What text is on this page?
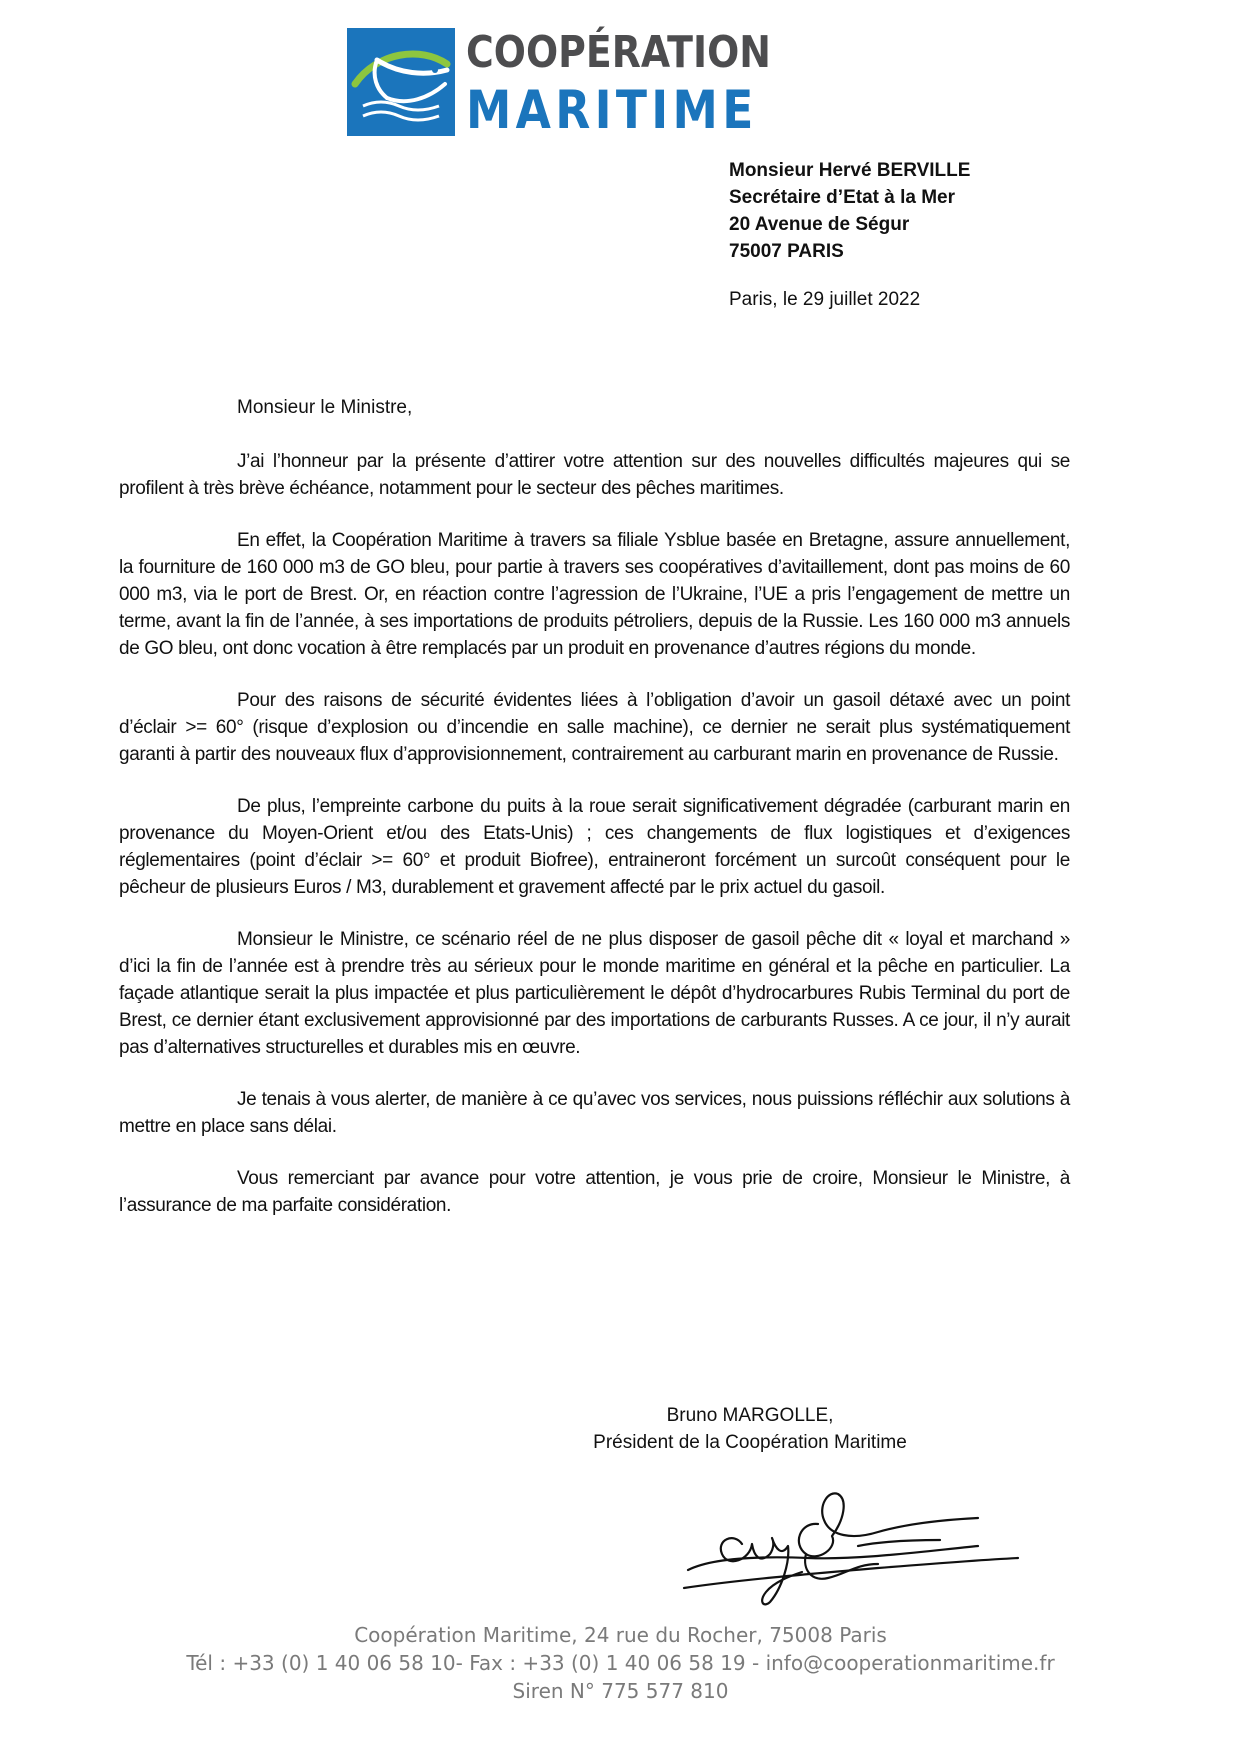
COOPÉRATION
MARITIME
Monsieur Hervé BERVILLE
Secrétaire d’Etat à la Mer
20 Avenue de Ségur
75007 PARIS
Paris, le 29 juillet 2022
Monsieur le Ministre,

J’ai l’honneur par la présente d’attirer votre attention sur des nouvelles difficultés majeures qui se profilent à très brève échéance, notamment pour le secteur des pêches maritimes.

En effet, la Coopération Maritime à travers sa filiale Ysblue basée en Bretagne, assure annuellement, la fourniture de 160 000 m3 de GO bleu, pour partie à travers ses coopératives d’avitaillement, dont pas moins de 60 000 m3, via le port de Brest. Or, en réaction contre l’agression de l’Ukraine, l’UE a pris l’engagement de mettre un terme, avant la fin de l’année, à ses importations de produits pétroliers, depuis de la Russie. Les 160 000 m3 annuels de GO bleu, ont donc vocation à être remplacés par un produit en provenance d’autres régions du monde.

Pour des raisons de sécurité évidentes liées à l’obligation d’avoir un gasoil détaxé avec un point d’éclair >= 60° (risque d’explosion ou d’incendie en salle machine), ce dernier ne serait plus systématiquement garanti à partir des nouveaux flux d’approvisionnement, contrairement au carburant marin en provenance de Russie.

De plus, l’empreinte carbone du puits à la roue serait significativement dégradée (carburant marin en provenance du Moyen-Orient et/ou des Etats-Unis) ; ces changements de flux logistiques et d’exigences réglementaires (point d’éclair >= 60° et produit Biofree), entraineront forcément un surcoût conséquent pour le pêcheur de plusieurs Euros / M3, durablement et gravement affecté par le prix actuel du gasoil.

Monsieur le Ministre, ce scénario réel de ne plus disposer de gasoil pêche dit « loyal et marchand » d’ici la fin de l’année est à prendre très au sérieux pour le monde maritime en général et la pêche en particulier. La façade atlantique serait la plus impactée et plus particulièrement le dépôt d’hydrocarbures Rubis Terminal du port de Brest, ce dernier étant exclusivement approvisionné par des importations de carburants Russes. A ce jour, il n’y aurait pas d’alternatives structurelles et durables mis en œuvre.

Je tenais à vous alerter, de manière à ce qu’avec vos services, nous puissions réfléchir aux solutions à mettre en place sans délai.

Vous remerciant par avance pour votre attention, je vous prie de croire, Monsieur le Ministre, à l’assurance de ma parfaite considération.

Bruno MARGOLLE,
Président de la Coopération Maritime
Coopération Maritime, 24 rue du Rocher, 75008 Paris
Tél : +33 (0) 1 40 06 58 10- Fax : +33 (0) 1 40 06 58 19 - info@cooperationmaritime.fr
Siren N° 775 577 810
